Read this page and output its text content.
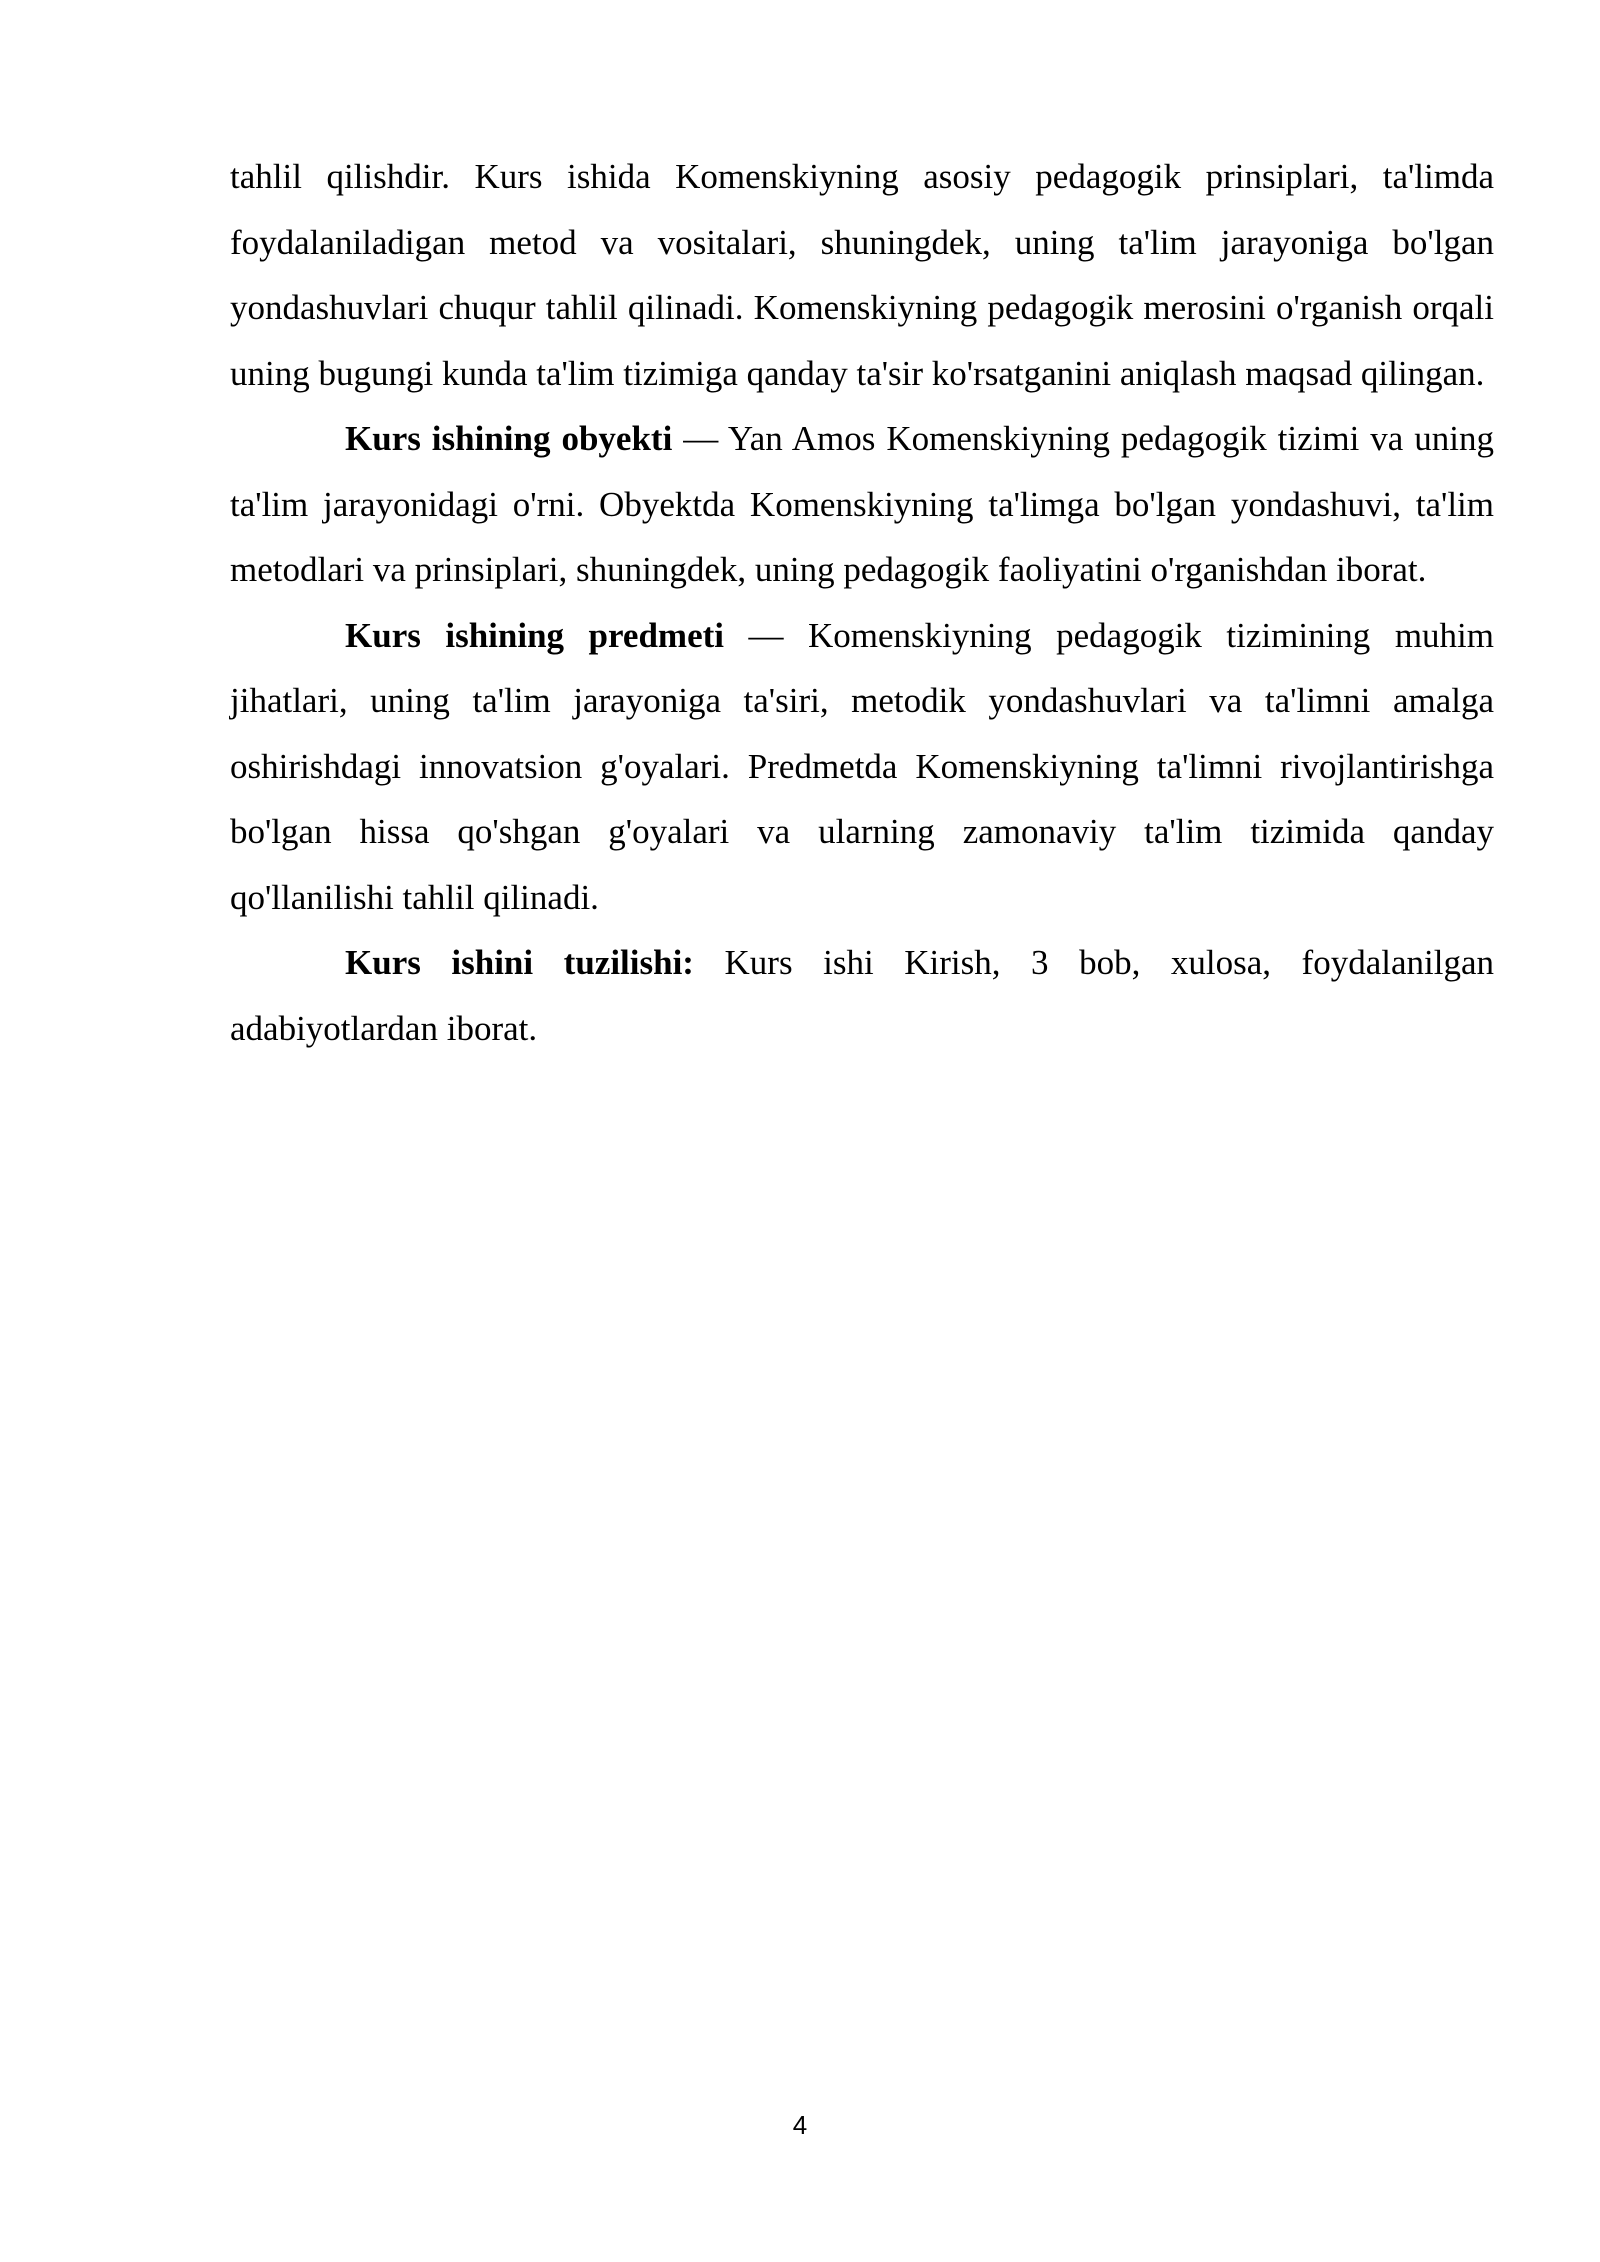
tahlil qilishdir. Kurs ishida Komenskiyning asosiy pedagogik prinsiplari, ta'limda foydalaniladigan metod va vositalari, shuningdek, uning ta'lim jarayoniga bo'lgan yondashuvlari chuqur tahlil qilinadi. Komenskiyning pedagogik merosini o'rganish orqali uning bugungi kunda ta'lim tizimiga qanday ta'sir ko'rsatganini aniqlash maqsad qilingan.

Kurs ishining obyekti — Yan Amos Komenskiyning pedagogik tizimi va uning ta'lim jarayonidagi o'rni. Obyektda Komenskiyning ta'limga bo'lgan yondashuvi, ta'lim metodlari va prinsiplari, shuningdek, uning pedagogik faoliyatini o'rganishdan iborat.

Kurs ishining predmeti — Komenskiyning pedagogik tizimining muhim jihatlari, uning ta'lim jarayoniga ta'siri, metodik yondashuvlari va ta'limni amalga oshirishdagi innovatsion g'oyalari. Predmetda Komenskiyning ta'limni rivojlantirishga bo'lgan hissa qo'shgan g'oyalari va ularning zamonaviy ta'lim tizimida qanday qo'llanilishi tahlil qilinadi.

Kurs ishini tuzilishi: Kurs ishi Kirish, 3 bob, xulosa, foydalanilgan adabiyotlardan iborat.

4
